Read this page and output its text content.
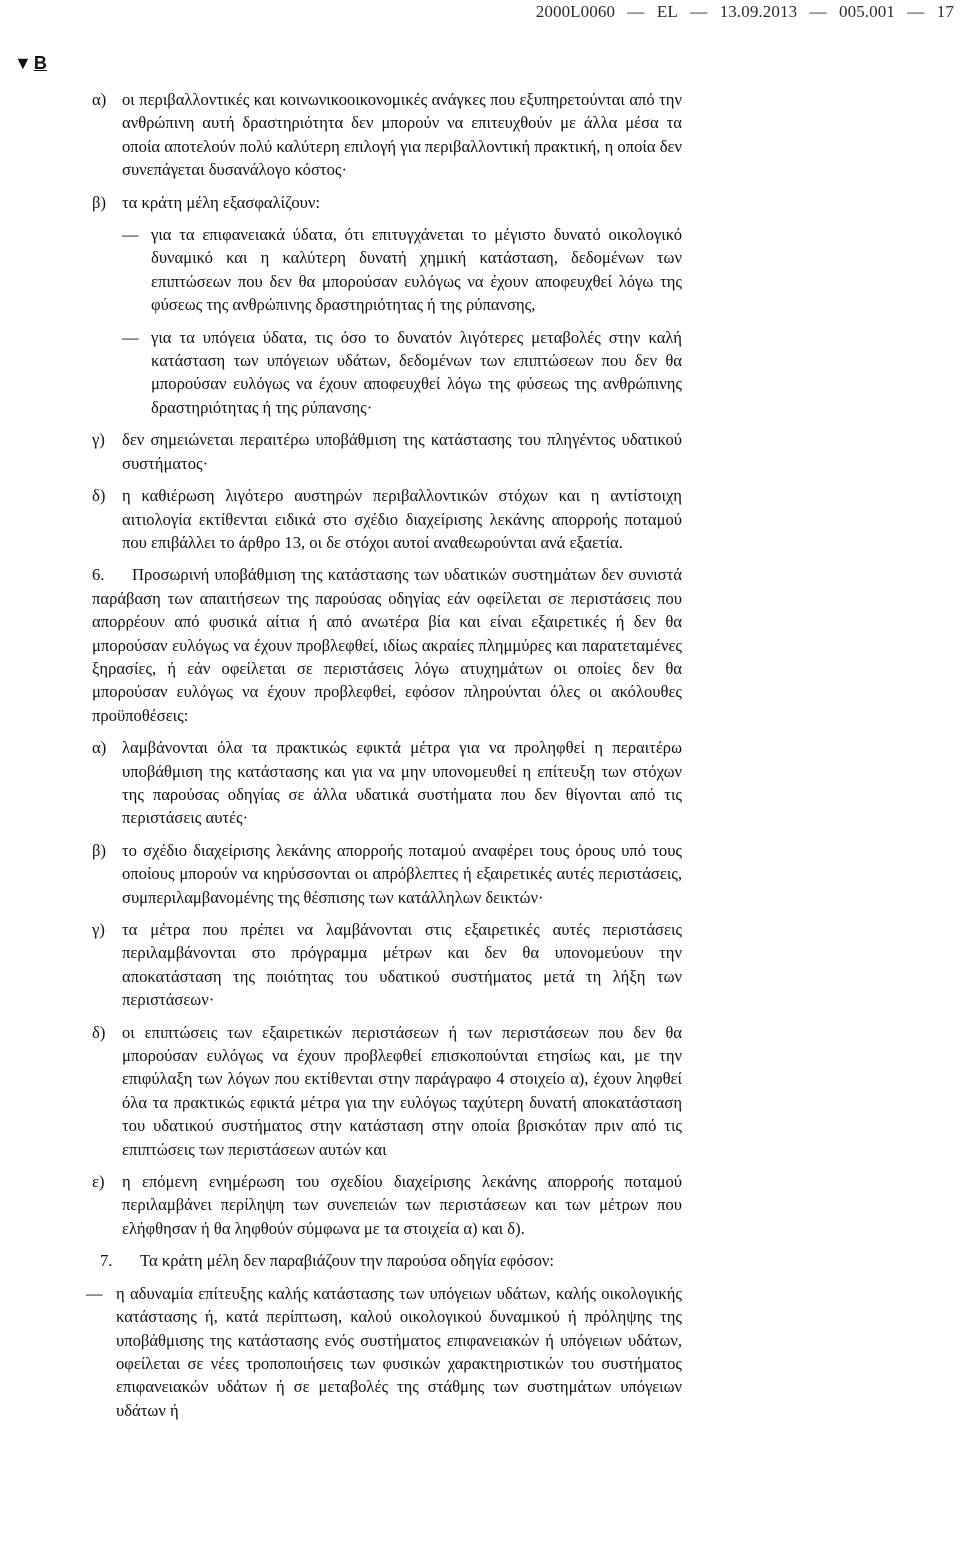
2000L0060 — EL — 13.09.2013 — 005.001 — 17
▼ B
α) οι περιβαλλοντικές και κοινωνικοοικονομικές ανάγκες που εξυπηρετούνται από την ανθρώπινη αυτή δραστηριότητα δεν μπορούν να επιτευχθούν με άλλα μέσα τα οποία αποτελούν πολύ καλύτερη επιλογή για περιβαλλοντική πρακτική, η οποία δεν συνεπάγεται δυσανάλογο κόστος·
β) τα κράτη μέλη εξασφαλίζουν:
— για τα επιφανειακά ύδατα, ότι επιτυγχάνεται το μέγιστο δυνατό οικολογικό δυναμικό και η καλύτερη δυνατή χημική κατάσταση, δεδομένων των επιπτώσεων που δεν θα μπορούσαν ευλόγως να έχουν αποφευχθεί λόγω της φύσεως της ανθρώπινης δραστηριότητας ή της ρύπανσης,
— για τα υπόγεια ύδατα, τις όσο το δυνατόν λιγότερες μεταβολές στην καλή κατάσταση των υπόγειων υδάτων, δεδομένων των επιπτώσεων που δεν θα μπορούσαν ευλόγως να έχουν αποφευχθεί λόγω της φύσεως της ανθρώπινης δραστηριότητας ή της ρύπανσης·
γ) δεν σημειώνεται περαιτέρω υποβάθμιση της κατάστασης του πληγέντος υδατικού συστήματος·
δ) η καθιέρωση λιγότερο αυστηρών περιβαλλοντικών στόχων και η αντίστοιχη αιτιολογία εκτίθενται ειδικά στο σχέδιο διαχείρισης λεκάνης απορροής ποταμού που επιβάλλει το άρθρο 13, οι δε στόχοι αυτοί αναθεωρούνται ανά εξαετία.
6. Προσωρινή υποβάθμιση της κατάστασης των υδατικών συστημάτων δεν συνιστά παράβαση των απαιτήσεων της παρούσας οδηγίας εάν οφείλεται σε περιστάσεις που απορρέουν από φυσικά αίτια ή από ανωτέρα βία και είναι εξαιρετικές ή δεν θα μπορούσαν ευλόγως να έχουν προβλεφθεί, ιδίως ακραίες πλημμύρες και παρατεταμένες ξηρασίες, ή εάν οφείλεται σε περιστάσεις λόγω ατυχημάτων οι οποίες δεν θα μπορούσαν ευλόγως να έχουν προβλεφθεί, εφόσον πληρούνται όλες οι ακόλουθες προϋποθέσεις:
α) λαμβάνονται όλα τα πρακτικώς εφικτά μέτρα για να προληφθεί η περαιτέρω υποβάθμιση της κατάστασης και για να μην υπονομευθεί η επίτευξη των στόχων της παρούσας οδηγίας σε άλλα υδατικά συστήματα που δεν θίγονται από τις περιστάσεις αυτές·
β) το σχέδιο διαχείρισης λεκάνης απορροής ποταμού αναφέρει τους όρους υπό τους οποίους μπορούν να κηρύσσονται οι απρόβλεπτες ή εξαιρετικές αυτές περιστάσεις, συμπεριλαμβανομένης της θέσπισης των κατάλληλων δεικτών·
γ) τα μέτρα που πρέπει να λαμβάνονται στις εξαιρετικές αυτές περιστάσεις περιλαμβάνονται στο πρόγραμμα μέτρων και δεν θα υπονομεύουν την αποκατάσταση της ποιότητας του υδατικού συστήματος μετά τη λήξη των περιστάσεων·
δ) οι επιπτώσεις των εξαιρετικών περιστάσεων ή των περιστάσεων που δεν θα μπορούσαν ευλόγως να έχουν προβλεφθεί επισκοπούνται ετησίως και, με την επιφύλαξη των λόγων που εκτίθενται στην παράγραφο 4 στοιχείο α), έχουν ληφθεί όλα τα πρακτικώς εφικτά μέτρα για την ευλόγως ταχύτερη δυνατή αποκατάσταση του υδατικού συστήματος στην κατάσταση στην οποία βρισκόταν πριν από τις επιπτώσεις των περιστάσεων αυτών και
ε) η επόμενη ενημέρωση του σχεδίου διαχείρισης λεκάνης απορροής ποταμού περιλαμβάνει περίληψη των συνεπειών των περιστάσεων και των μέτρων που ελήφθησαν ή θα ληφθούν σύμφωνα με τα στοιχεία α) και δ).
7. Τα κράτη μέλη δεν παραβιάζουν την παρούσα οδηγία εφόσον:
— η αδυναμία επίτευξης καλής κατάστασης των υπόγειων υδάτων, καλής οικολογικής κατάστασης ή, κατά περίπτωση, καλού οικολογικού δυναμικού ή πρόληψης της υποβάθμισης της κατάστασης ενός συστήματος επιφανειακών ή υπόγειων υδάτων, οφείλεται σε νέες τροποποιήσεις των φυσικών χαρακτηριστικών του συστήματος επιφανειακών υδάτων ή σε μεταβολές της στάθμης των συστημάτων υπόγειων υδάτων ή
